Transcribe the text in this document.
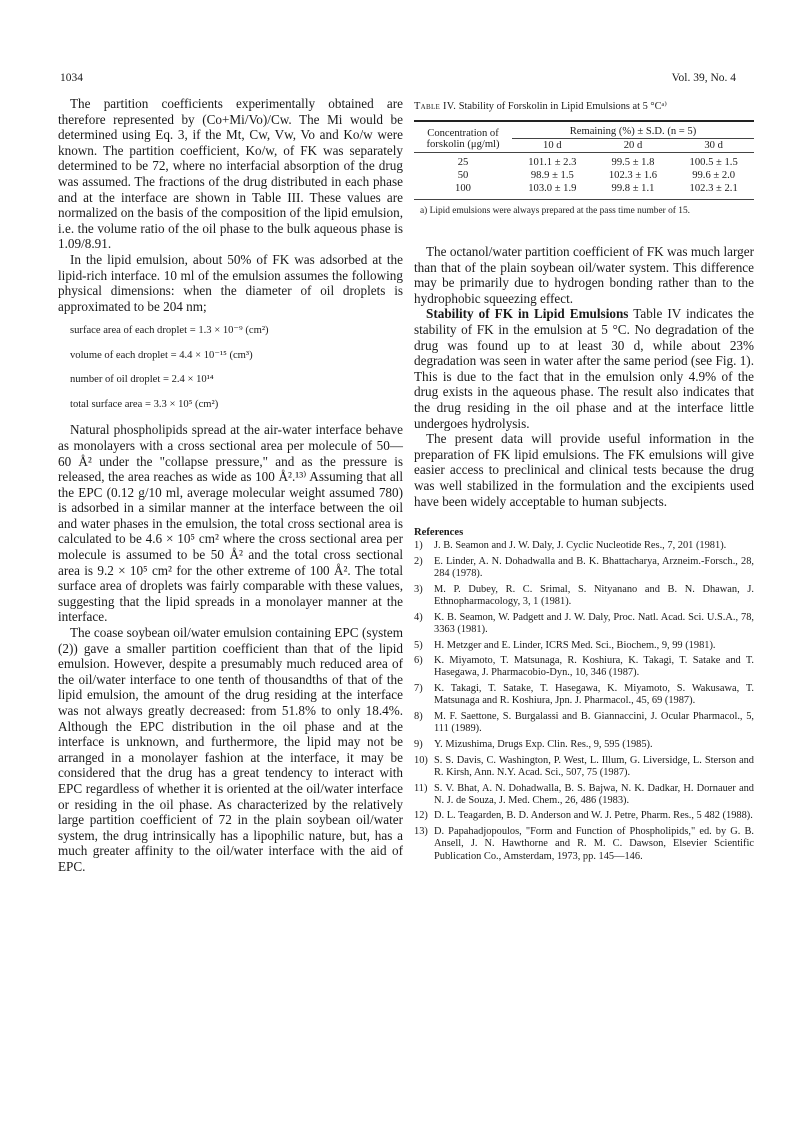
1034	Vol. 39, No. 4

The partition coefficients experimentally obtained are therefore represented by (Co+Mi/Vo)/Cw. The Mi would be determined using Eq. 3, if the Mt, Cw, Vw, Vo and Ko/w were known. The partition coefficient, Ko/w, of FK was separately determined to be 72, where no interfacial absorption of the drug was assumed. The fractions of the drug distributed in each phase and at the interface are shown in Table III. These values are normalized on the basis of the composition of the lipid emulsion, i.e. the volume ratio of the oil phase to the bulk aqueous phase is 1.09/8.91.

In the lipid emulsion, about 50% of FK was adsorbed at the lipid-rich interface. 10 ml of the emulsion assumes the following physical dimensions: when the diameter of oil droplets is approximated to be 204 nm;

surface area of each droplet = 1.3 × 10⁻⁹ (cm²)
volume of each droplet = 4.4 × 10⁻¹⁵ (cm³)
number of oil droplet = 2.4 × 10¹⁴
total surface area = 3.3 × 10⁵ (cm²)

Natural phospholipids spread at the air-water interface behave as monolayers with a cross sectional area per molecule of 50—60 Å² under the "collapse pressure," and as the pressure is released, the area reaches as wide as 100 Å².¹³⁾ Assuming that all the EPC (0.12 g/10 ml, average molecular weight assumed 780) is adsorbed in a similar manner at the interface between the oil and water phases in the emulsion, the total cross sectional area is calculated to be 4.6 × 10⁵ cm² where the cross sectional area per molecule is assumed to be 50 Å² and the total cross sectional area is 9.2 × 10⁵ cm² for the other extreme of 100 Å². The total surface area of droplets was fairly comparable with these values, suggesting that the lipid spreads in a monolayer manner at the interface.

The coase soybean oil/water emulsion containing EPC (system (2)) gave a smaller partition coefficient than that of the lipid emulsion. However, despite a presumably much reduced area of the oil/water interface to one tenth of thousandths of that of the lipid emulsion, the amount of the drug residing at the interface was not always greatly decreased: from 51.8% to only 18.4%. Although the EPC distribution in the oil phase and at the interface is unknown, and furthermore, the lipid may not be arranged in a monolayer fashion at the interface, it may be considered that the drug has a great tendency to interact with EPC regardless of whether it is oriented at the oil/water interface or residing in the oil phase. As characterized by the relatively large partition coefficient of 72 in the plain soybean oil/water system, the drug intrinsically has a lipophilic nature, but, has a much greater affinity to the oil/water interface with the aid of EPC.

Table IV. Stability of Forskolin in Lipid Emulsions at 5 °Cᵃ⁾
Concentration of forskolin (μg/ml)	Remaining (%) ± S.D. (n = 5)		
	10 d	20 d	30 d
25	101.1 ± 2.3	99.5 ± 1.8	100.5 ± 1.5
50	98.9 ± 1.5	102.3 ± 1.6	99.6 ± 2.0
100	103.0 ± 1.9	99.8 ± 1.1	102.3 ± 2.1
a) Lipid emulsions were always prepared at the pass time number of 15.

The octanol/water partition coefficient of FK was much larger than that of the plain soybean oil/water system. This difference may be primarily due to hydrogen bonding rather than to the hydrophobic squeezing effect.

Stability of FK in Lipid Emulsions Table IV indicates the stability of FK in the emulsion at 5 °C. No degradation of the drug was found up to at least 30 d, while about 23% degradation was seen in water after the same period (see Fig. 1). This is due to the fact that in the emulsion only 4.9% of the drug exists in the aqueous phase. The result also indicates that the drug residing in the oil phase and at the interface little undergoes hydrolysis.

The present data will provide useful information in the preparation of FK lipid emulsions. The FK emulsions will give easier access to preclinical and clinical tests because the drug was well stabilized in the formulation and the excipients used have been widely acceptable to human subjects.

References
1) J. B. Seamon and J. W. Daly, J. Cyclic Nucleotide Res., 7, 201 (1981).
2) E. Linder, A. N. Dohadwalla and B. K. Bhattacharya, Arzneim.-Forsch., 28, 284 (1978).
3) M. P. Dubey, R. C. Srimal, S. Nityanano and B. N. Dhawan, J. Ethnopharmacology, 3, 1 (1981).
4) K. B. Seamon, W. Padgett and J. W. Daly, Proc. Natl. Acad. Sci. U.S.A., 78, 3363 (1981).
5) H. Metzger and E. Linder, ICRS Med. Sci., Biochem., 9, 99 (1981).
6) K. Miyamoto, T. Matsunaga, R. Koshiura, K. Takagi, T. Satake and T. Hasegawa, J. Pharmacobio-Dyn., 10, 346 (1987).
7) K. Takagi, T. Satake, T. Hasegawa, K. Miyamoto, S. Wakusawa, T. Matsunaga and R. Koshiura, Jpn. J. Pharmacol., 45, 69 (1987).
8) M. F. Saettone, S. Burgalassi and B. Giannaccini, J. Ocular Pharmacol., 5, 111 (1989).
9) Y. Mizushima, Drugs Exp. Clin. Res., 9, 595 (1985).
10) S. S. Davis, C. Washington, P. West, L. Illum, G. Liversidge, L. Sterson and R. Kirsh, Ann. N.Y. Acad. Sci., 507, 75 (1987).
11) S. V. Bhat, A. N. Dohadwalla, B. S. Bajwa, N. K. Dadkar, H. Dornauer and N. J. de Souza, J. Med. Chem., 26, 486 (1983).
12) D. L. Teagarden, B. D. Anderson and W. J. Petre, Pharm. Res., 5 482 (1988).
13) D. Papahadjopoulos, "Form and Function of Phospholipids," ed. by G. B. Ansell, J. N. Hawthorne and R. M. C. Dawson, Elsevier Scientific Publication Co., Amsterdam, 1973, pp. 145—146.
